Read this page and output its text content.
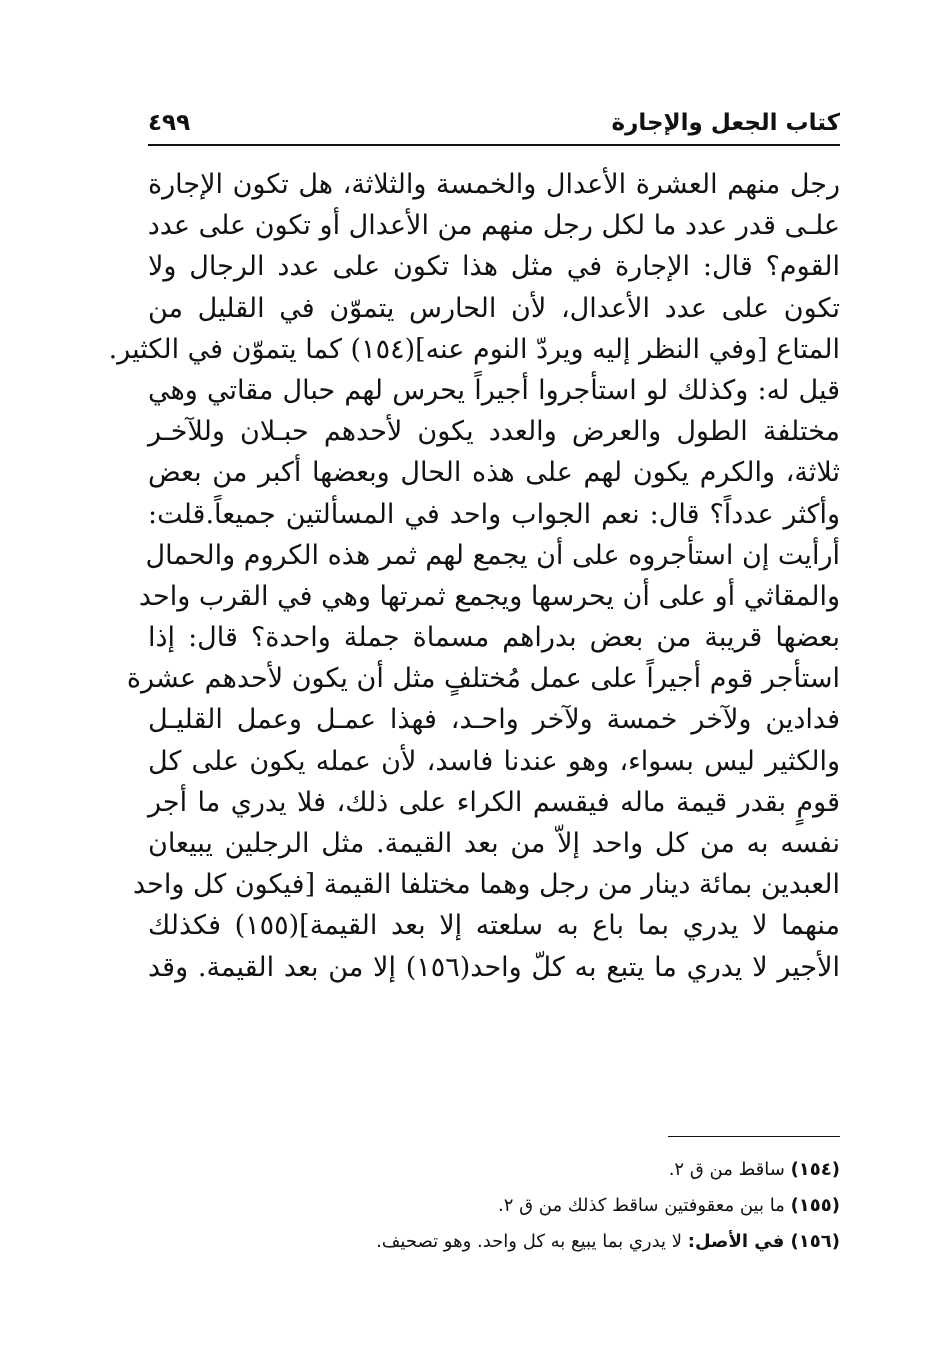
كتاب الجعل والإجارة
٤٩٩
رجل منهم العشرة الأعدال والخمسة والثلاثة، هل تكون الإجارة
علـى قدر عدد ما لكل رجل منهم من الأعدال أو تكون على عدد
القوم؟ قال: الإجارة في مثل هذا تكون على عدد الرجال ولا
تكون على عدد الأعدال، لأن الحارس يتموّن في القليل من
المتاع [وفي النظر إليه ويردّ النوم عنه](١٥٤) كما يتموّن في الكثير.
قيل له: وكذلك لو استأجروا أجيراً يحرس لهم حبال مقاتي وهي
مختلفة الطول والعرض والعدد يكون لأحدهم حبـلان وللآخـر
ثلاثة، والكرم يكون لهم على هذه الحال وبعضها أكبر من بعض
وأكثر عدداً؟ قال: نعم الجواب واحد في المسألتين جميعاً.قلت:
أرأيت إن استأجروه على أن يجمع لهم ثمر هذه الكروم والحمال
والمقاثي أو على أن يحرسها ويجمع ثمرتها وهي في القرب واحد
بعضها قريبة من بعض بدراهم مسماة جملة واحدة؟ قال: إذا
استأجر قوم أجيراً على عمل مُختلفٍ مثل أن يكون لأحدهم عشرة
فدادين ولآخر خمسة ولآخر واحـد، فهذا عمـل وعمل القليـل
والكثير ليس بسواء، وهو عندنا فاسد، لأن عمله يكون على كل
قومٍ بقدر قيمة ماله فيقسم الكراء على ذلك، فلا يدري ما أجر
نفسه به من كل واحد إلاّ من بعد القيمة. مثل الرجلين يبيعان
العبدين بمائة دينار من رجل وهما مختلفا القيمة [فيكون كل واحد
منهما لا يدري بما باع به سلعته إلا بعد القيمة](١٥٥) فكذلك
الأجير لا يدري ما يتبع به كلّ واحد(١٥٦) إلا من بعد القيمة. وقد
(١٥٤) ساقط من ق ٢.
(١٥٥) ما بين معقوفتين ساقط كذلك من ق ٢.
(١٥٦) في الأصل: لا يدري بما يبيع به كل واحد. وهو تصحيف.
